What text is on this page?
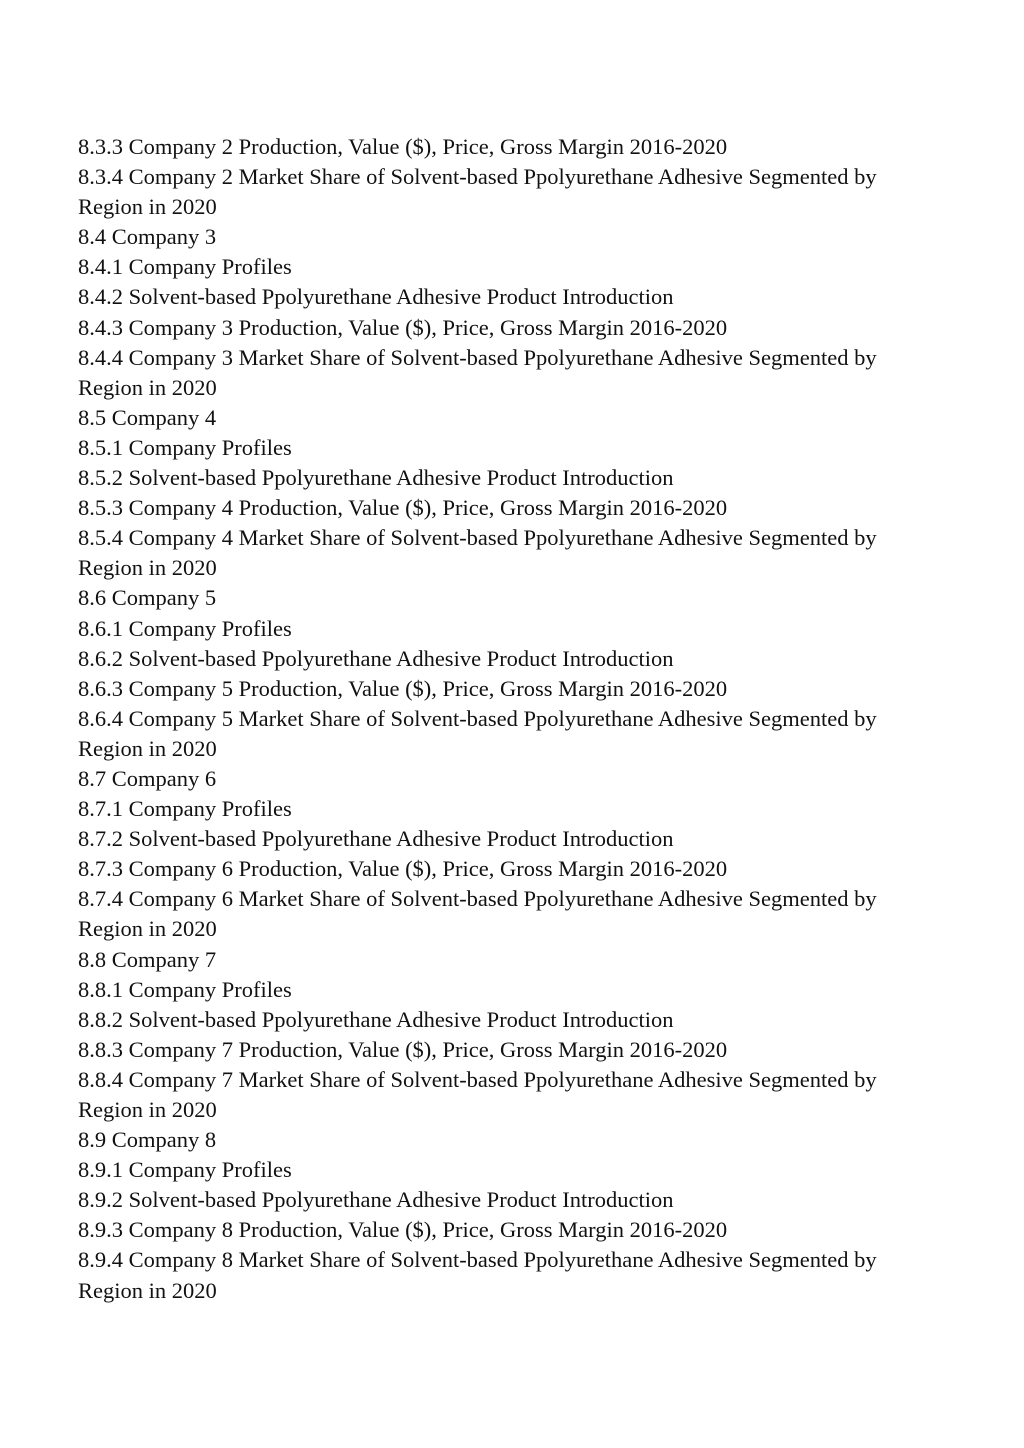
8.3.3 Company 2 Production, Value ($), Price, Gross Margin 2016-2020
8.3.4 Company 2 Market Share of Solvent-based Ppolyurethane Adhesive Segmented by
Region in 2020
8.4 Company 3
8.4.1 Company Profiles
8.4.2 Solvent-based Ppolyurethane Adhesive Product Introduction
8.4.3 Company 3 Production, Value ($), Price, Gross Margin 2016-2020
8.4.4 Company 3 Market Share of Solvent-based Ppolyurethane Adhesive Segmented by
Region in 2020
8.5 Company 4
8.5.1 Company Profiles
8.5.2 Solvent-based Ppolyurethane Adhesive Product Introduction
8.5.3 Company 4 Production, Value ($), Price, Gross Margin 2016-2020
8.5.4 Company 4 Market Share of Solvent-based Ppolyurethane Adhesive Segmented by
Region in 2020
8.6 Company 5
8.6.1 Company Profiles
8.6.2 Solvent-based Ppolyurethane Adhesive Product Introduction
8.6.3 Company 5 Production, Value ($), Price, Gross Margin 2016-2020
8.6.4 Company 5 Market Share of Solvent-based Ppolyurethane Adhesive Segmented by
Region in 2020
8.7 Company 6
8.7.1 Company Profiles
8.7.2 Solvent-based Ppolyurethane Adhesive Product Introduction
8.7.3 Company 6 Production, Value ($), Price, Gross Margin 2016-2020
8.7.4 Company 6 Market Share of Solvent-based Ppolyurethane Adhesive Segmented by
Region in 2020
8.8 Company 7
8.8.1 Company Profiles
8.8.2 Solvent-based Ppolyurethane Adhesive Product Introduction
8.8.3 Company 7 Production, Value ($), Price, Gross Margin 2016-2020
8.8.4 Company 7 Market Share of Solvent-based Ppolyurethane Adhesive Segmented by
Region in 2020
8.9 Company 8
8.9.1 Company Profiles
8.9.2 Solvent-based Ppolyurethane Adhesive Product Introduction
8.9.3 Company 8 Production, Value ($), Price, Gross Margin 2016-2020
8.9.4 Company 8 Market Share of Solvent-based Ppolyurethane Adhesive Segmented by
Region in 2020
